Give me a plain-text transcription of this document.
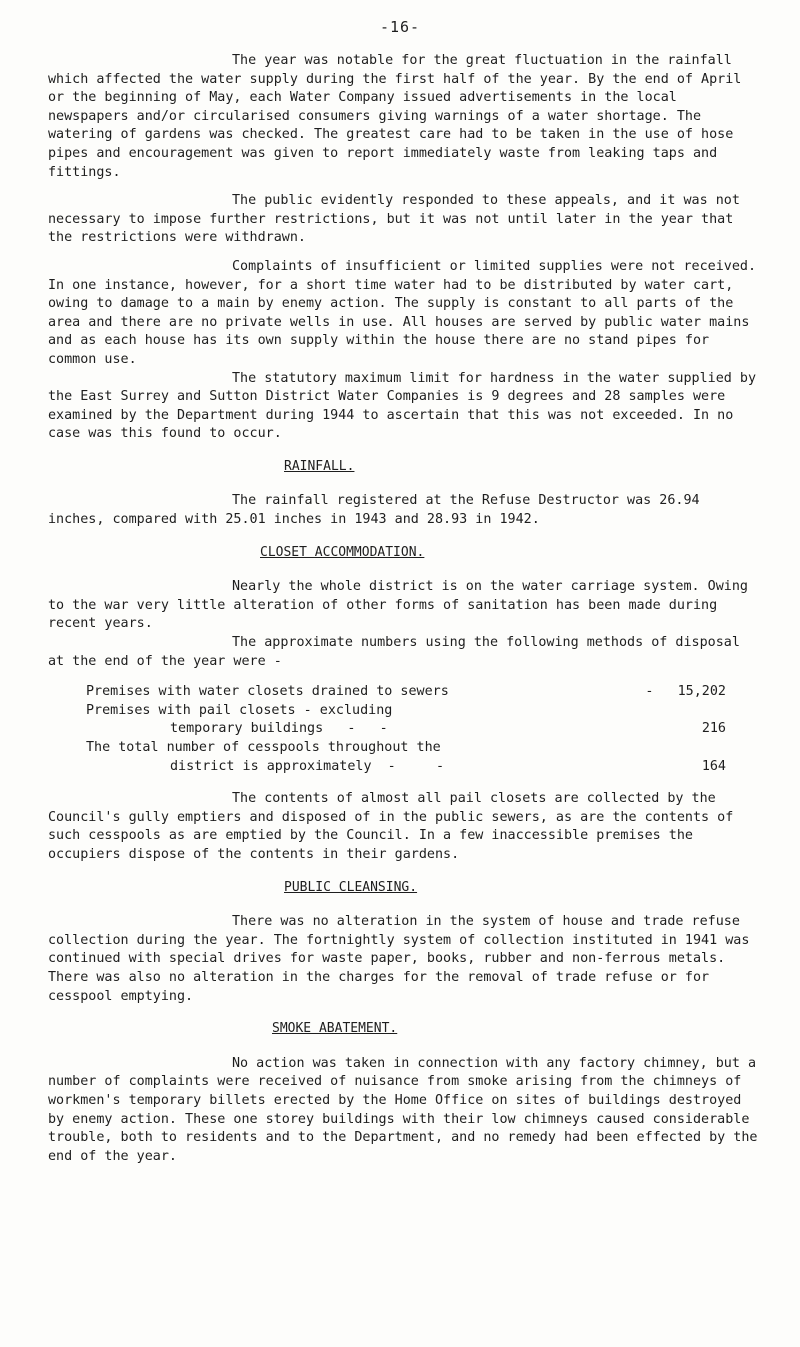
-16-

The year was notable for the great fluctuation in the rainfall which affected the water supply during the first half of the year. By the end of April or the beginning of May, each Water Company issued advertisements in the local newspapers and/or circularised consumers giving warnings of a water shortage. The watering of gardens was checked. The greatest care had to be taken in the use of hose pipes and encouragement was given to report immediately waste from leaking taps and fittings.

The public evidently responded to these appeals, and it was not necessary to impose further restrictions, but it was not until later in the year that the restrictions were withdrawn.

Complaints of insufficient or limited supplies were not received. In one instance, however, for a short time water had to be distributed by water cart, owing to damage to a main by enemy action. The supply is constant to all parts of the area and there are no private wells in use. All houses are served by public water mains and as each house has its own supply within the house there are no stand pipes for common use.

The statutory maximum limit for hardness in the water supplied by the East Surrey and Sutton District Water Companies is 9 degrees and 28 samples were examined by the Department during 1944 to ascertain that this was not exceeded. In no case was this found to occur.

RAINFALL.

The rainfall registered at the Refuse Destructor was 26.94 inches, compared with 25.01 inches in 1943 and 28.93 in 1942.

CLOSET ACCOMMODATION.

Nearly the whole district is on the water carriage system. Owing to the war very little alteration of other forms of sanitation has been made during recent years.

The approximate numbers using the following methods of disposal at the end of the year were -

Premises with water closets drained to sewers	-   15,202
Premises with pail closets - excluding
temporary buildings   -   -	216
The total number of cesspools throughout the
district is approximately  -     -	164

The contents of almost all pail closets are collected by the Council's gully emptiers and disposed of in the public sewers, as are the contents of such cesspools as are emptied by the Council. In a few inaccessible premises the occupiers dispose of the contents in their gardens.

PUBLIC CLEANSING.

There was no alteration in the system of house and trade refuse collection during the year. The fortnightly system of collection instituted in 1941 was continued with special drives for waste paper, books, rubber and non-ferrous metals. There was also no alteration in the charges for the removal of trade refuse or for cesspool emptying.

SMOKE ABATEMENT.

No action was taken in connection with any factory chimney, but a number of complaints were received of nuisance from smoke arising from the chimneys of workmen's temporary billets erected by the Home Office on sites of buildings destroyed by enemy action. These one storey buildings with their low chimneys caused considerable trouble, both to residents and to the Department, and no remedy had been effected by the end of the year.
